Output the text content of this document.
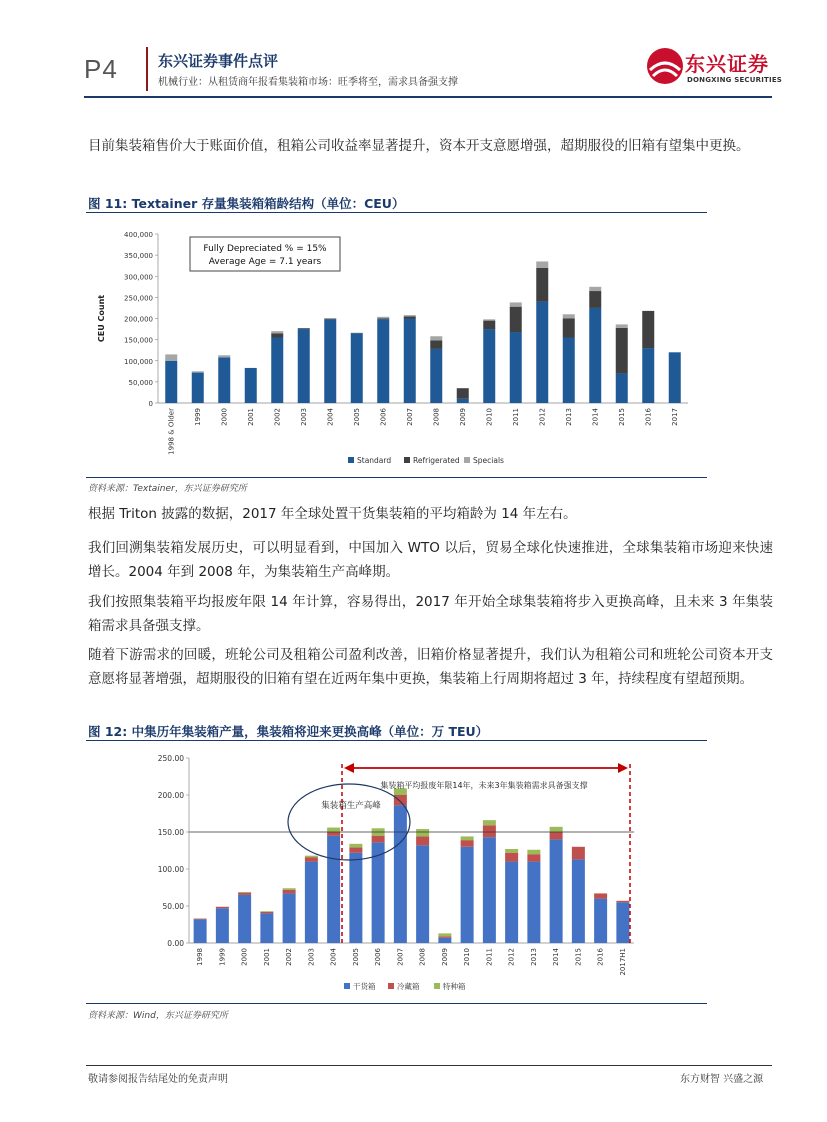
P4	东兴证券事件点评
机械行业：从租赁商年报看集装箱市场：旺季将至，需求具备强支撑
东兴证券
DONGXING SECURITIES

目前集装箱售价大于账面价值，租箱公司收益率显著提升，资本开支意愿增强，超期服役的旧箱有望集中更换。

图 11: Textainer 存量集装箱箱龄结构（单位：CEU）
0
50,000
100,000
150,000
200,000
250,000
300,000
350,000
400,000
1998 & Older	1999	2000	2001	2002	2003	2004	2005	2006	2007	2008	2009	2010	2011	2012	2013	2014	2015	2016	2017
CEU Count
Fully Depreciated % = 15%
Average Age = 7.1 years
Standard	Refrigerated Specials
资料来源：Textainer，东兴证券研究所

根据 Triton 披露的数据，2017 年全球处置干货集装箱的平均箱龄为 14 年左右。

我们回溯集装箱发展历史，可以明显看到，中国加入 WTO 以后，贸易全球化快速推进，全球集装箱市场迎来快速增长。2004 年到 2008 年，为集装箱生产高峰期。

我们按照集装箱平均报废年限 14 年计算，容易得出，2017 年开始全球集装箱将步入更换高峰，且未来 3 年集装箱需求具备强支撑。

随着下游需求的回暖，班轮公司及租箱公司盈利改善，旧箱价格显著提升，我们认为租箱公司和班轮公司资本开支意愿将显著增强，超期服役的旧箱有望在近两年集中更换，集装箱上行周期将超过 3 年，持续程度有望超预期。

图 12: 中集历年集装箱产量，集装箱将迎来更换高峰（单位：万 TEU）
0.00
50.00
100.00
150.00
200.00
250.00
1998 1999 2000 2001 2002 2003 2004 2005 2006 2007 2008 2009 2010 2011 2012 2013 2014 2015 2016 2017H1
集装箱平均报废年限14年，未来3年集装箱需求具备强支撑
集装箱生产高峰
干货箱	冷藏箱	特种箱
资料来源：Wind，东兴证券研究所
敬请参阅报告结尾处的免责声明	东方财智 兴盛之源
